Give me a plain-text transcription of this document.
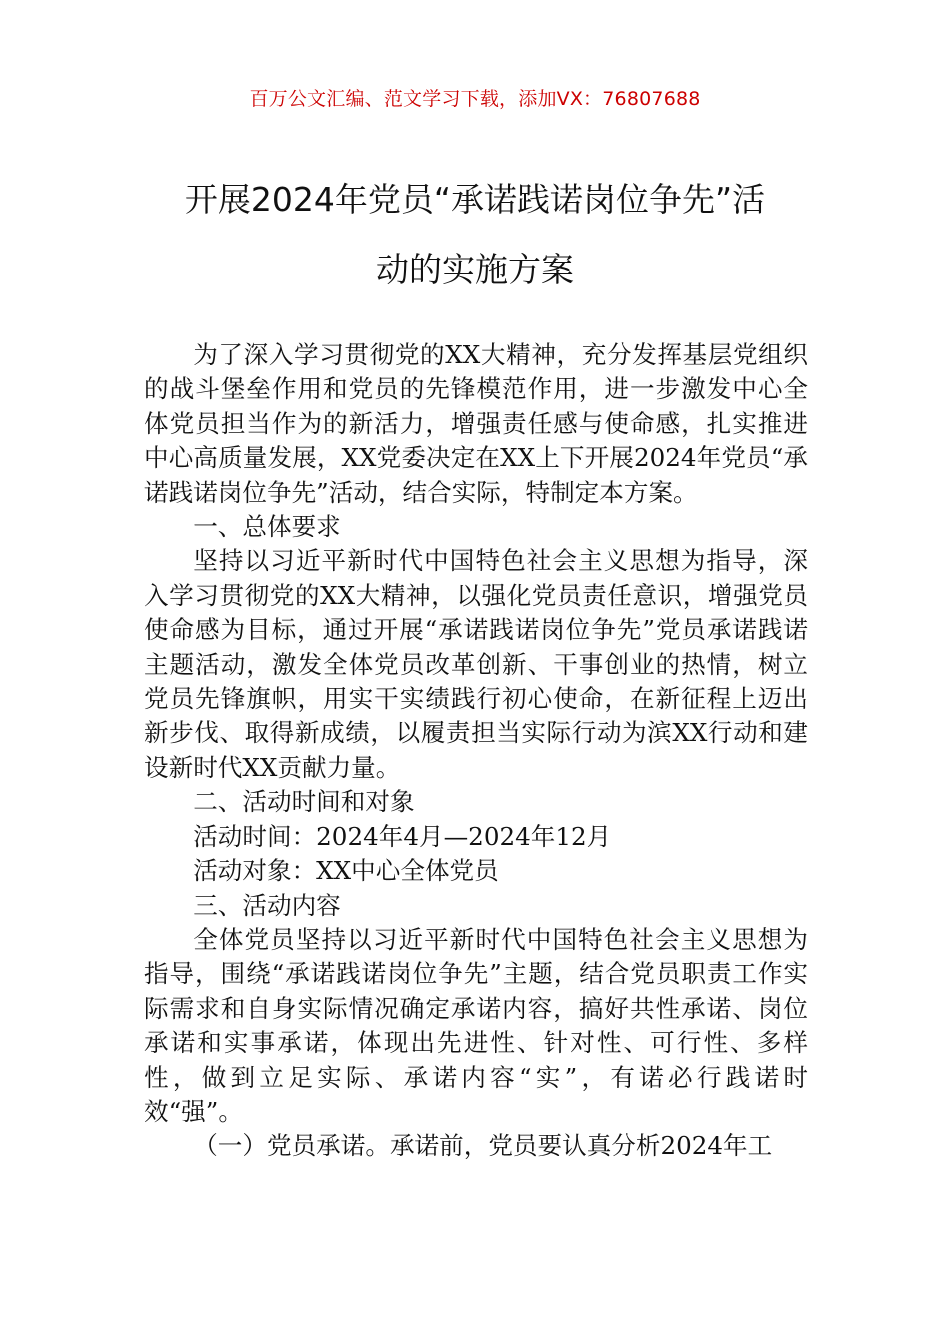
百万公文汇编、范文学习下载，添加VX：76807688
开展2024年党员“承诺践诺岗位争先”活
动的实施方案

为了深入学习贯彻党的XX大精神，充分发挥基层党组织的战斗堡垒作用和党员的先锋模范作用，进一步激发中心全体党员担当作为的新活力，增强责任感与使命感，扎实推进中心高质量发展，XX党委决定在XX上下开展2024年党员“承诺践诺岗位争先”活动，结合实际，特制定本方案。

一、总体要求

坚持以习近平新时代中国特色社会主义思想为指导，深入学习贯彻党的XX大精神，以强化党员责任意识，增强党员使命感为目标，通过开展“承诺践诺岗位争先”党员承诺践诺主题活动，激发全体党员改革创新、干事创业的热情，树立党员先锋旗帜，用实干实绩践行初心使命，在新征程上迈出新步伐、取得新成绩，以履责担当实际行动为滨XX行动和建设新时代XX贡献力量。

二、活动时间和对象

活动时间：2024年4月—2024年12月

活动对象：XX中心全体党员

三、活动内容

全体党员坚持以习近平新时代中国特色社会主义思想为指导，围绕“承诺践诺岗位争先”主题，结合党员职责工作实际需求和自身实际情况确定承诺内容，搞好共性承诺、岗位承诺和实事承诺，体现出先进性、针对性、可行性、多样性，做到立足实际、承诺内容“实”，有诺必行践诺时效“强”。

（一）党员承诺。承诺前，党员要认真分析2024年工
